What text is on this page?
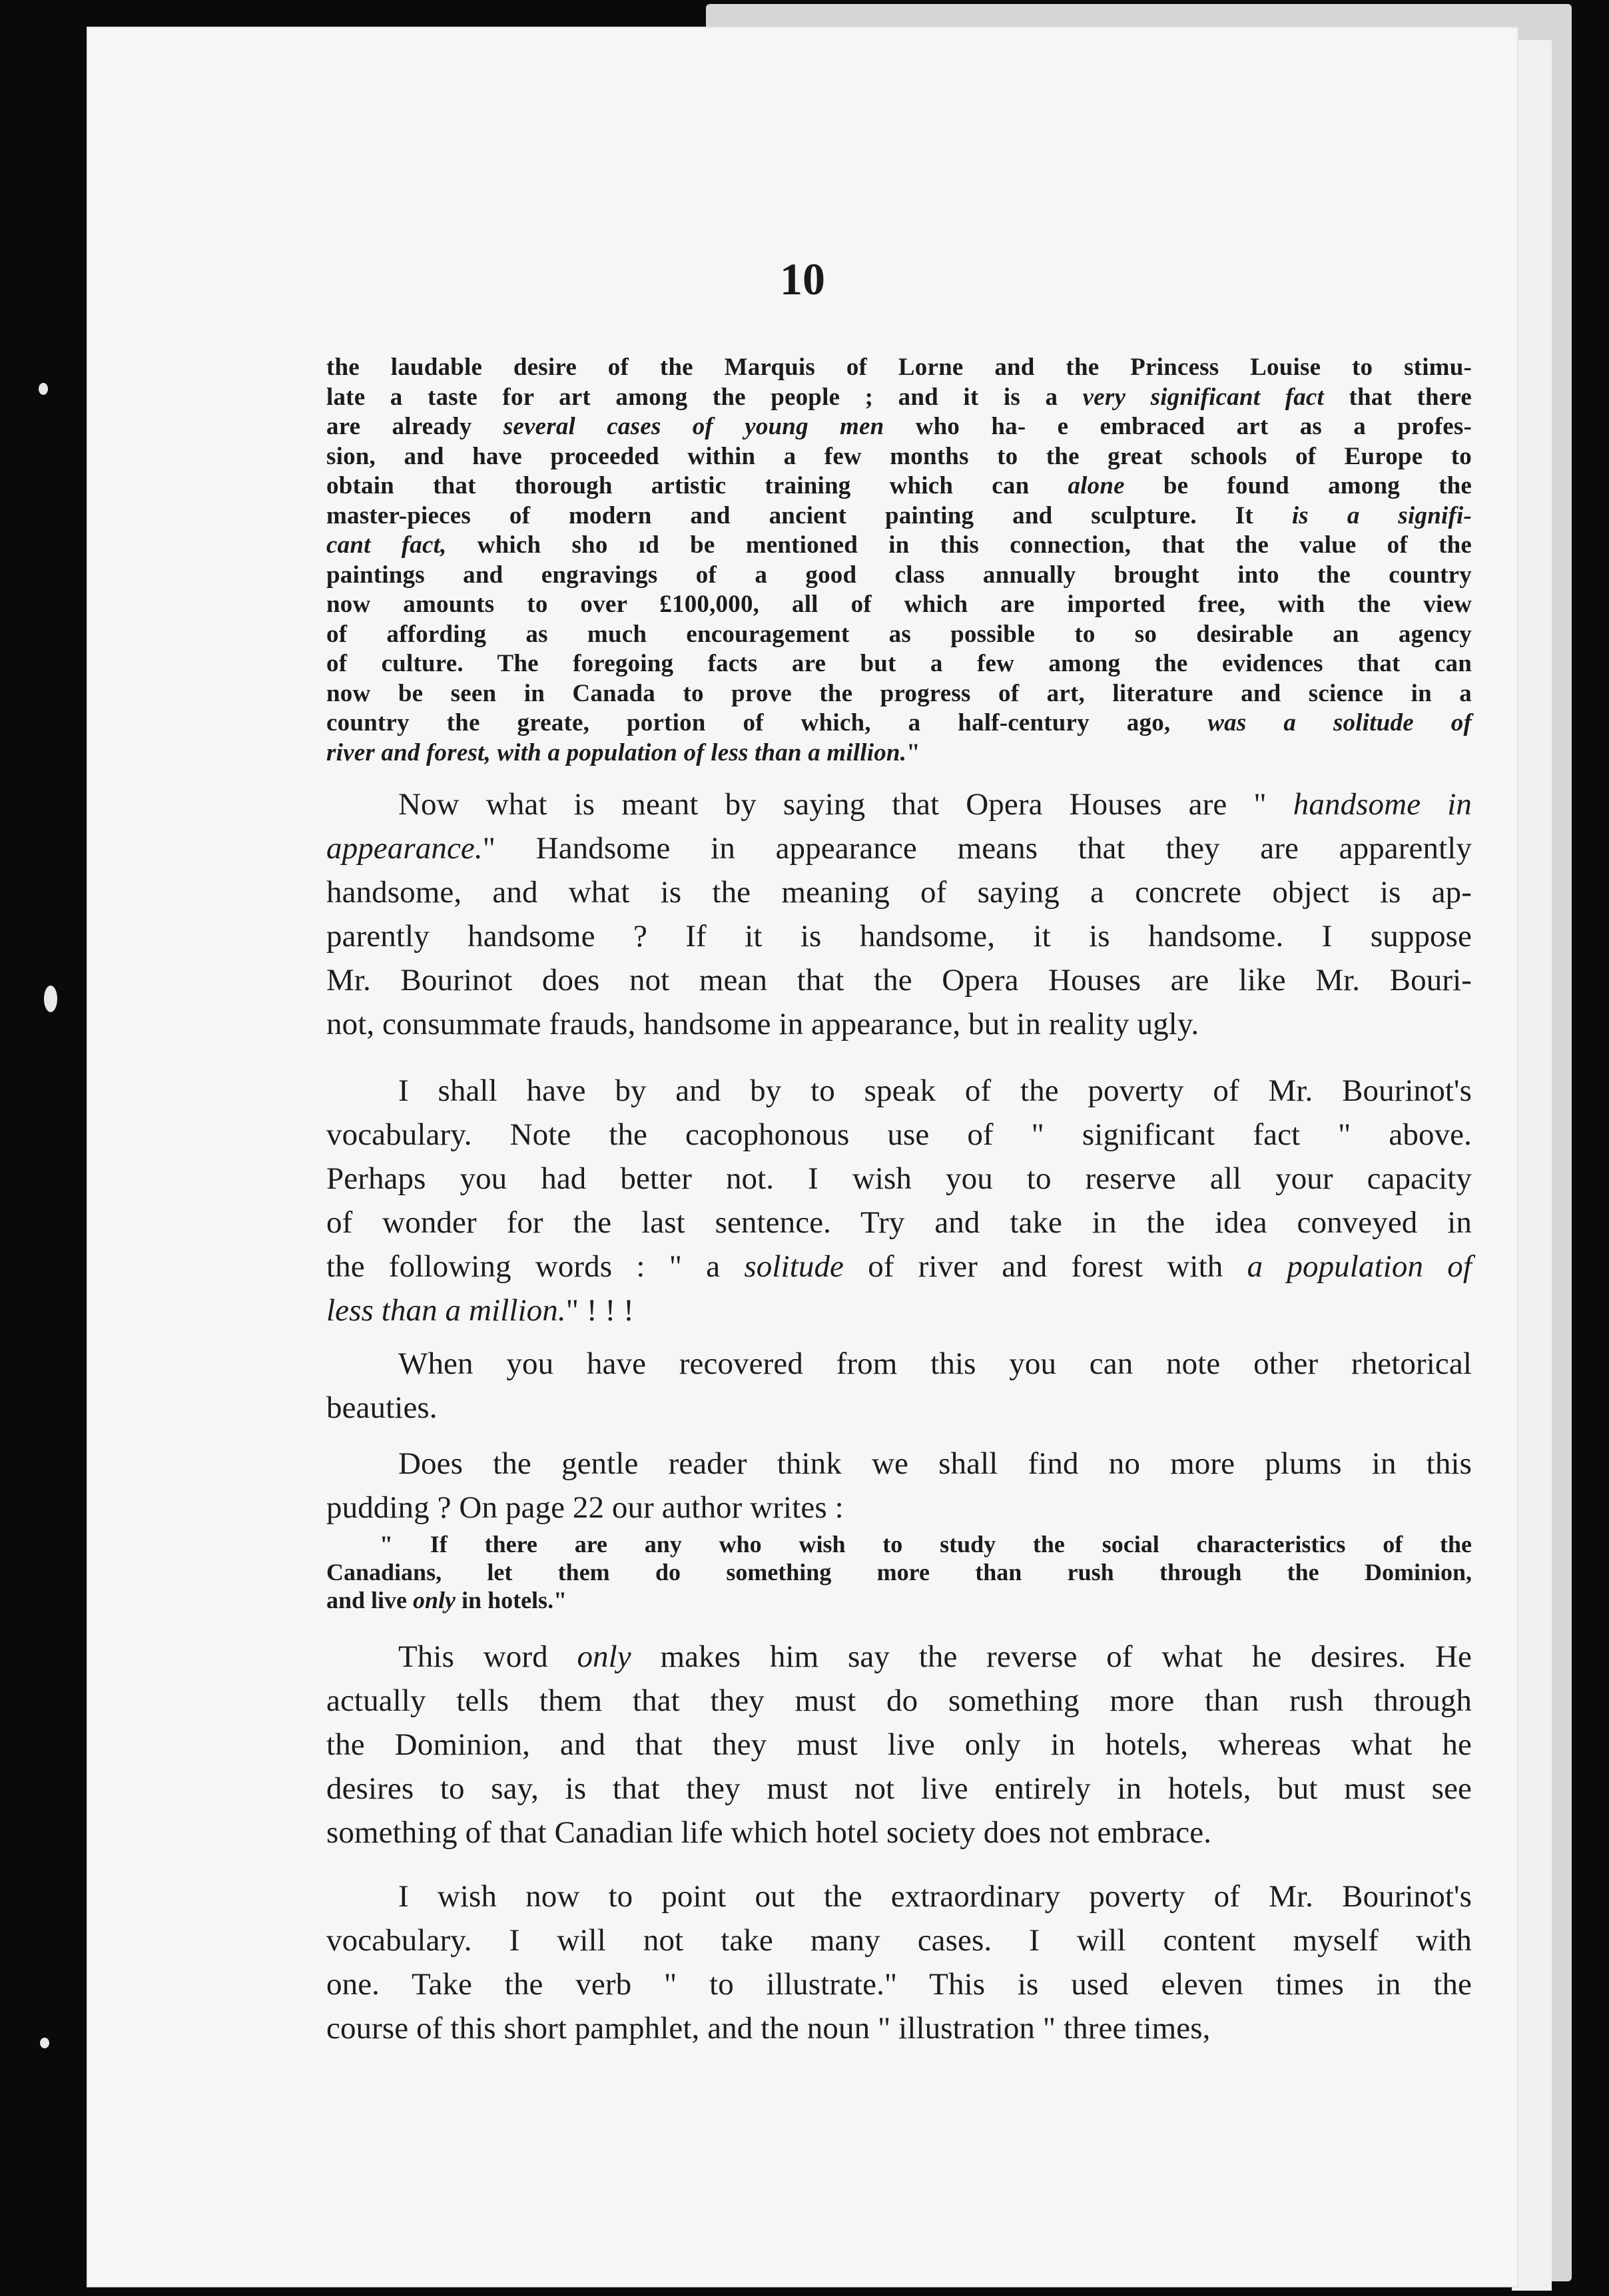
10
the laudable desire of the Marquis of Lorne and the Princess Louise to stimu-
late a taste for art among the people ; and it is a very significant fact that there
are already several cases of young men who ha- e embraced art as a profes-
sion, and have proceeded within a few months to the great schools of Europe to
obtain that thorough artistic training which can alone be found among the
master-pieces of modern and ancient painting and sculpture. It is a signifi-
cant fact, which sho ıd be mentioned in this connection, that the value of the
paintings and engravings of a good class annually brought into the country
now amounts to over £100,000, all of which are imported free, with the view
of affording as much encouragement as possible to so desirable an agency
of culture. The foregoing facts are but a few among the evidences that can
now be seen in Canada to prove the progress of art, literature and science in a
country the greate, portion of which, a half-century ago, was a solitude of
river and forest, with a population of less than a million."
Now what is meant by saying that Opera Houses are " handsome in
appearance." Handsome in appearance means that they are apparently
handsome, and what is the meaning of saying a concrete object is ap-
parently handsome ? If it is handsome, it is handsome. I suppose
Mr. Bourinot does not mean that the Opera Houses are like Mr. Bouri-
not, consummate frauds, handsome in appearance, but in reality ugly.
I shall have by and by to speak of the poverty of Mr. Bourinot's
vocabulary. Note the cacophonous use of " significant fact " above.
Perhaps you had better not. I wish you to reserve all your capacity
of wonder for the last sentence. Try and take in the idea conveyed in
the following words : " a solitude of river and forest with a population of
less than a million." ! ! !
When you have recovered from this you can note other rhetorical
beauties.
Does the gentle reader think we shall find no more plums in this
pudding ? On page 22 our author writes :
" If there are any who wish to study the social characteristics of the
Canadians, let them do something more than rush through the Dominion,
and live only in hotels."
This word only makes him say the reverse of what he desires. He
actually tells them that they must do something more than rush through
the Dominion, and that they must live only in hotels, whereas what he
desires to say, is that they must not live entirely in hotels, but must see
something of that Canadian life which hotel society does not embrace.
I wish now to point out the extraordinary poverty of Mr. Bourinot's
vocabulary. I will not take many cases. I will content myself with
one. Take the verb " to illustrate." This is used eleven times in the
course of this short pamphlet, and the noun " illustration " three times,
